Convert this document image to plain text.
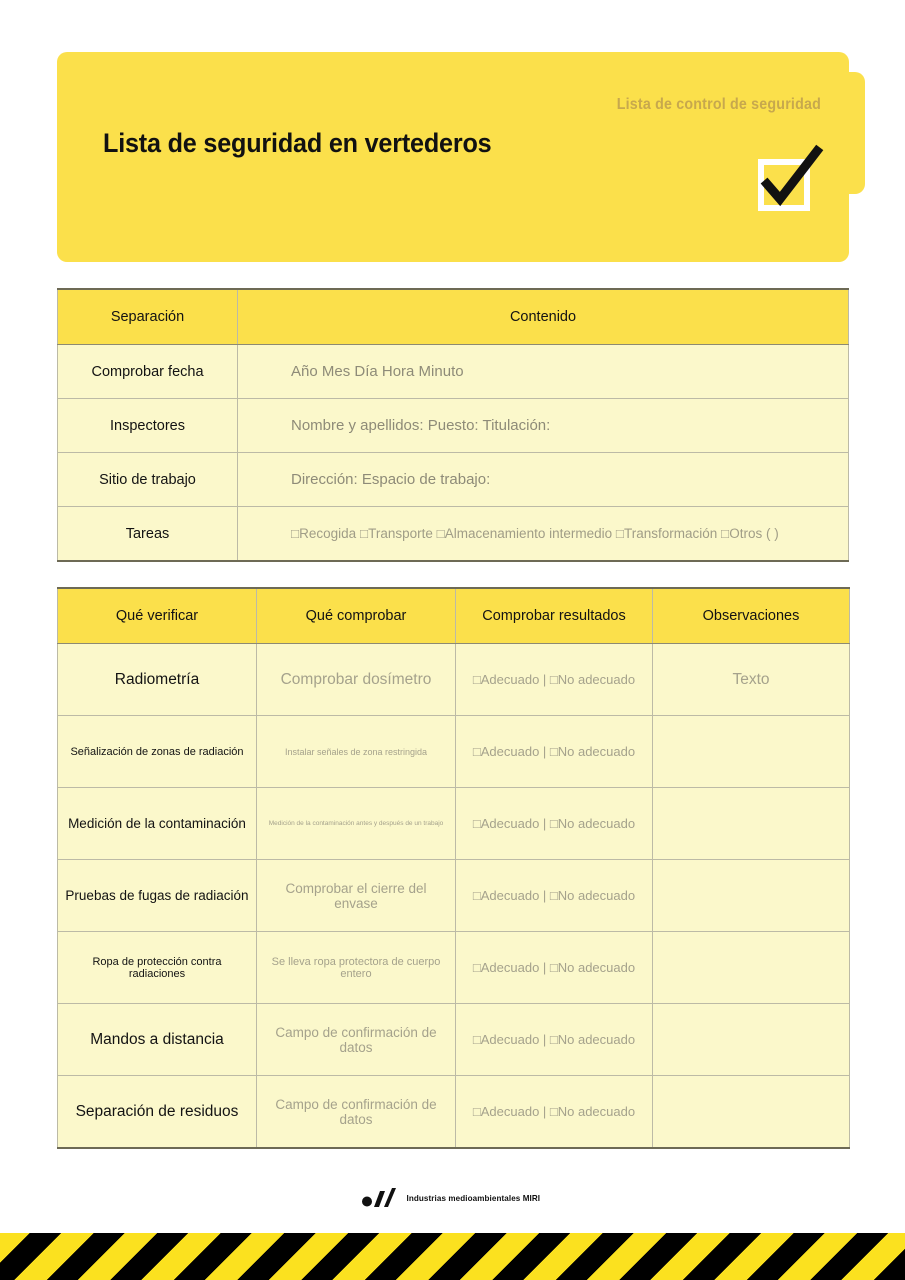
Lista de control de seguridad
Lista de seguridad en vertederos
Separación	Contenido
Comprobar fecha	Año Mes Día Hora Minuto
Inspectores	Nombre y apellidos: Puesto: Titulación:
Sitio de trabajo	Dirección: Espacio de trabajo:
Tareas	□Recogida □Transporte □Almacenamiento intermedio □Transformación □Otros ( )
Qué verificar	Qué comprobar	Comprobar resultados	Observaciones
Radiometría	Comprobar dosímetro	□Adecuado | □No adecuado	Texto
Señalización de zonas de radiación	Instalar señales de zona restringida	□Adecuado | □No adecuado	
Medición de la contaminación	Medición de la contaminación antes y después de un trabajo	□Adecuado | □No adecuado	
Pruebas de fugas de radiación	Comprobar el cierre del envase	□Adecuado | □No adecuado	
Ropa de protección contra radiaciones	Se lleva ropa protectora de cuerpo entero	□Adecuado | □No adecuado	
Mandos a distancia	Campo de confirmación de datos	□Adecuado | □No adecuado	
Separación de residuos	Campo de confirmación de datos	□Adecuado | □No adecuado	
Industrias medioambientales MIRI
